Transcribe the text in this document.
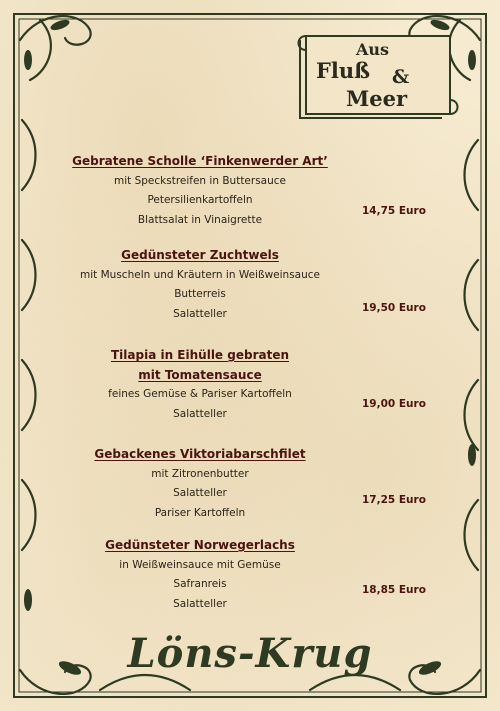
Aus
Fluß &
Meer
Gebratene Scholle ‘Finkenwerder Art’
mit Speckstreifen in Buttersauce
Petersilienkartoffeln
Blattsalat in Vinaigrette
14,75 Euro
Gedünsteter Zuchtwels
mit Muscheln und Kräutern in Weißweinsauce
Butterreis
Salatteller	19,50 Euro
Tilapia in Eihülle gebraten
mit Tomatensauce
feines Gemüse & Pariser Kartoffeln
Salatteller
19,00 Euro
Gebackenes Viktoriabarschfilet
mit Zitronenbutter
Salatteller
Pariser Kartoffeln
17,25 Euro
Gedünsteter Norwegerlachs
in Weißweinsauce mit Gemüse
Safranreis
Salatteller
18,85 Euro
Löns-Krug
